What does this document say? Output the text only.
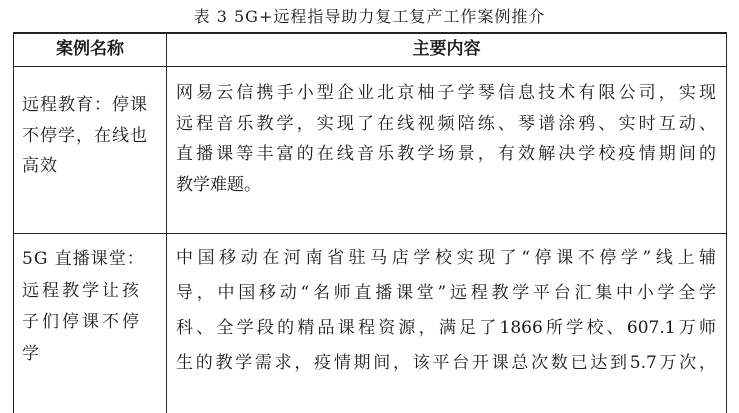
表 3 5G+远程指导助力复工复产工作案例推介
案例名称	主要内容
远程教育：停课
不停学，在线也
高效
网易云信携手小型企业北京柚子学琴信息技术有限公司，实现
远程音乐教学，实现了在线视频陪练、琴谱涂鸦、实时互动、
直播课等丰富的在线音乐教学场景，有效解决学校疫情期间的
教学难题。
5G 直播课堂：
远程教学让孩
子们停课不停
学
中国移动在河南省驻马店学校实现了“停课不停学”线上辅
导，中国移动“名师直播课堂”远程教学平台汇集中小学全学
科、全学段的精品课程资源，满足了1866所学校、607.1万师
生的教学需求，疫情期间，该平台开课总次数已达到5.7万次，
